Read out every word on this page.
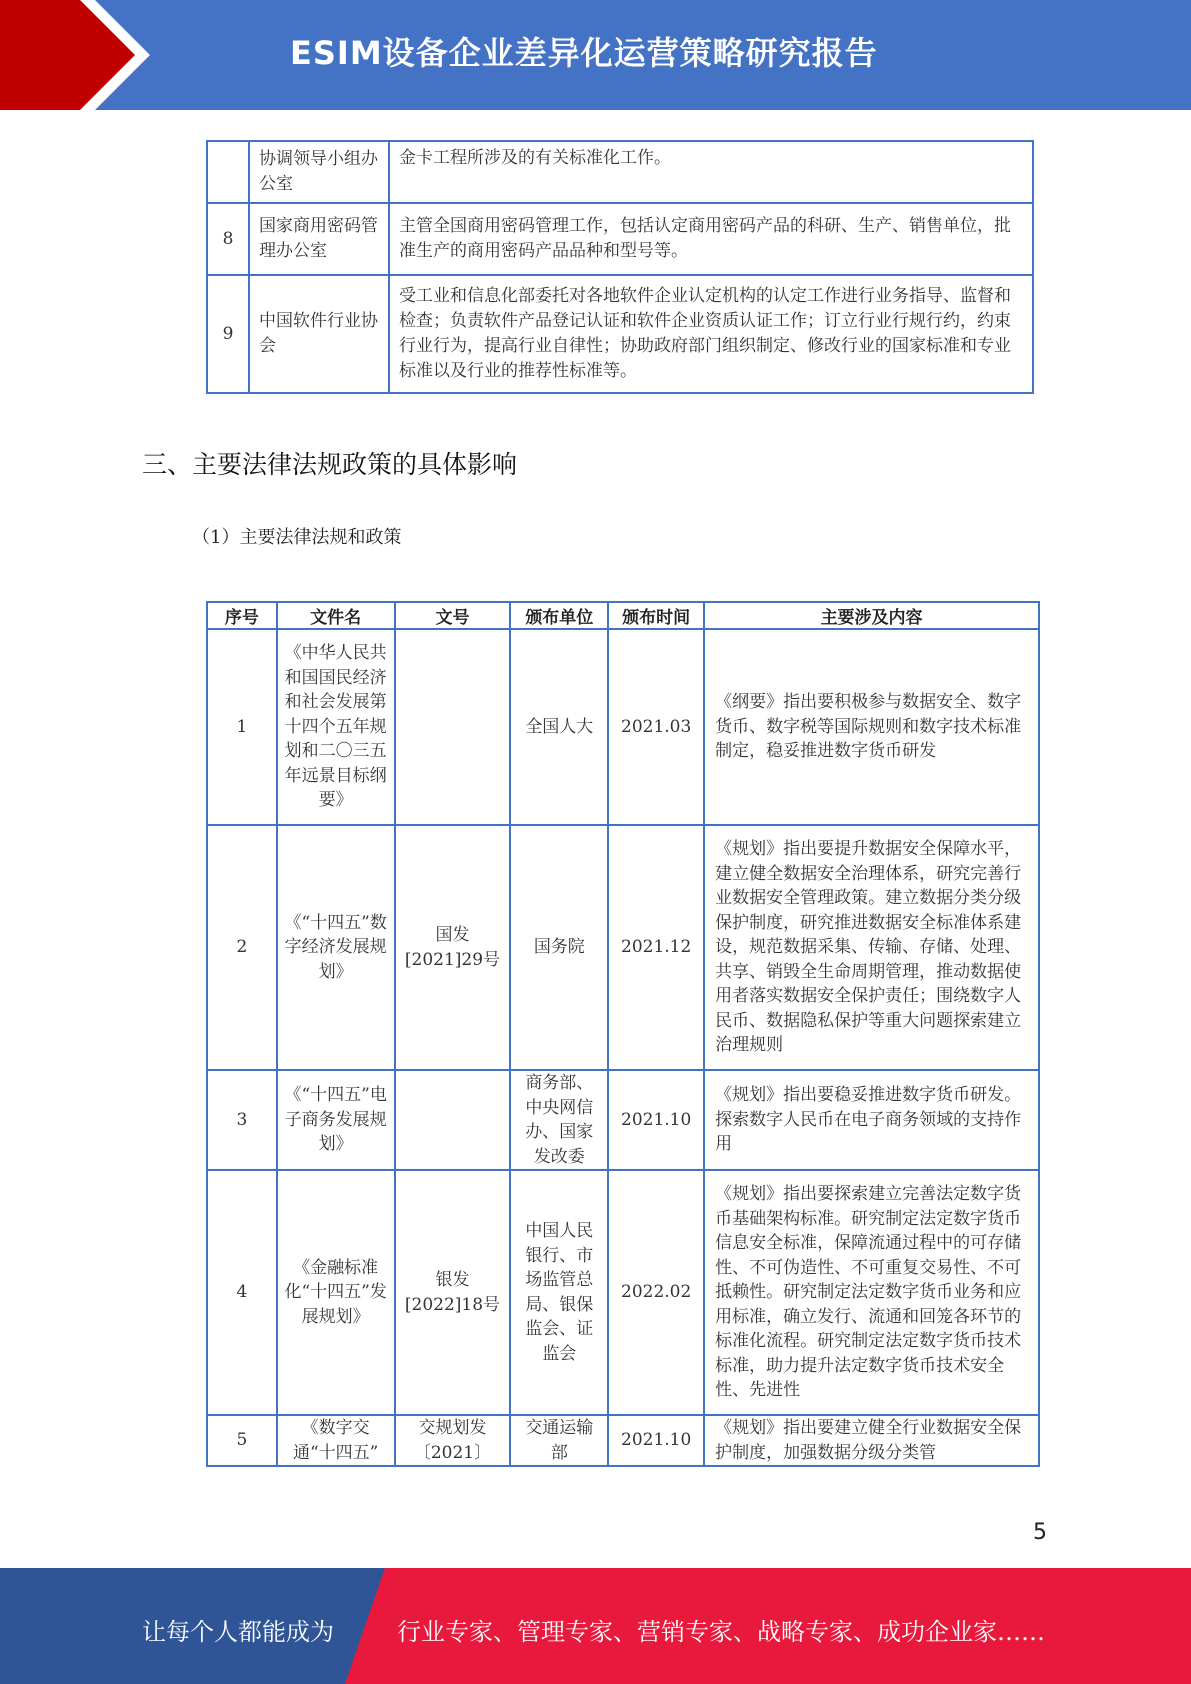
ESIM设备企业差异化运营策略研究报告
	协调领导小组办公室	金卡工程所涉及的有关标准化工作。
8	国家商用密码管理办公室	主管全国商用密码管理工作，包括认定商用密码产品的科研、生产、销售单位，批准生产的商用密码产品品种和型号等。
9	中国软件行业协会	受工业和信息化部委托对各地软件企业认定机构的认定工作进行业务指导、监督和检查；负责软件产品登记认证和软件企业资质认证工作；订立行业行规行约，约束行业行为，提高行业自律性；协助政府部门组织制定、修改行业的国家标准和专业标准以及行业的推荐性标准等。
三、主要法律法规政策的具体影响
（1）主要法律法规和政策
序号	文件名	文号	颁布单位	颁布时间	主要涉及内容
1	《中华人民共和国国民经济和社会发展第十四个五年规划和二〇三五年远景目标纲要》		全国人大	2021.03	《纲要》指出要积极参与数据安全、数字货币、数字税等国际规则和数字技术标准制定，稳妥推进数字货币研发
2	《“十四五”数字经济发展规划》	国发[2021]29号	国务院	2021.12	《规划》指出要提升数据安全保障水平，建立健全数据安全治理体系，研究完善行业数据安全管理政策。建立数据分类分级保护制度，研究推进数据安全标准体系建设，规范数据采集、传输、存储、处理、共享、销毁全生命周期管理，推动数据使用者落实数据安全保护责任；围绕数字人民币、数据隐私保护等重大问题探索建立治理规则
3	《“十四五”电子商务发展规划》		商务部、中央网信办、国家发改委	2021.10	《规划》指出要稳妥推进数字货币研发。探索数字人民币在电子商务领域的支持作用
4	《金融标准化“十四五”发展规划》	银发[2022]18号	中国人民银行、市场监管总局、银保监会、证监会	2022.02	《规划》指出要探索建立完善法定数字货币基础架构标准。研究制定法定数字货币信息安全标准，保障流通过程中的可存储性、不可伪造性、不可重复交易性、不可抵赖性。研究制定法定数字货币业务和应用标准，确立发行、流通和回笼各环节的标准化流程。研究制定法定数字货币技术标准，助力提升法定数字货币技术安全性、先进性
5	《数字交通“十四五”	交规划发〔2021〕	交通运输部	2021.10	《规划》指出要建立健全行业数据安全保护制度，加强数据分级分类管
5
让每个人都能成为	行业专家、管理专家、营销专家、战略专家、成功企业家……
